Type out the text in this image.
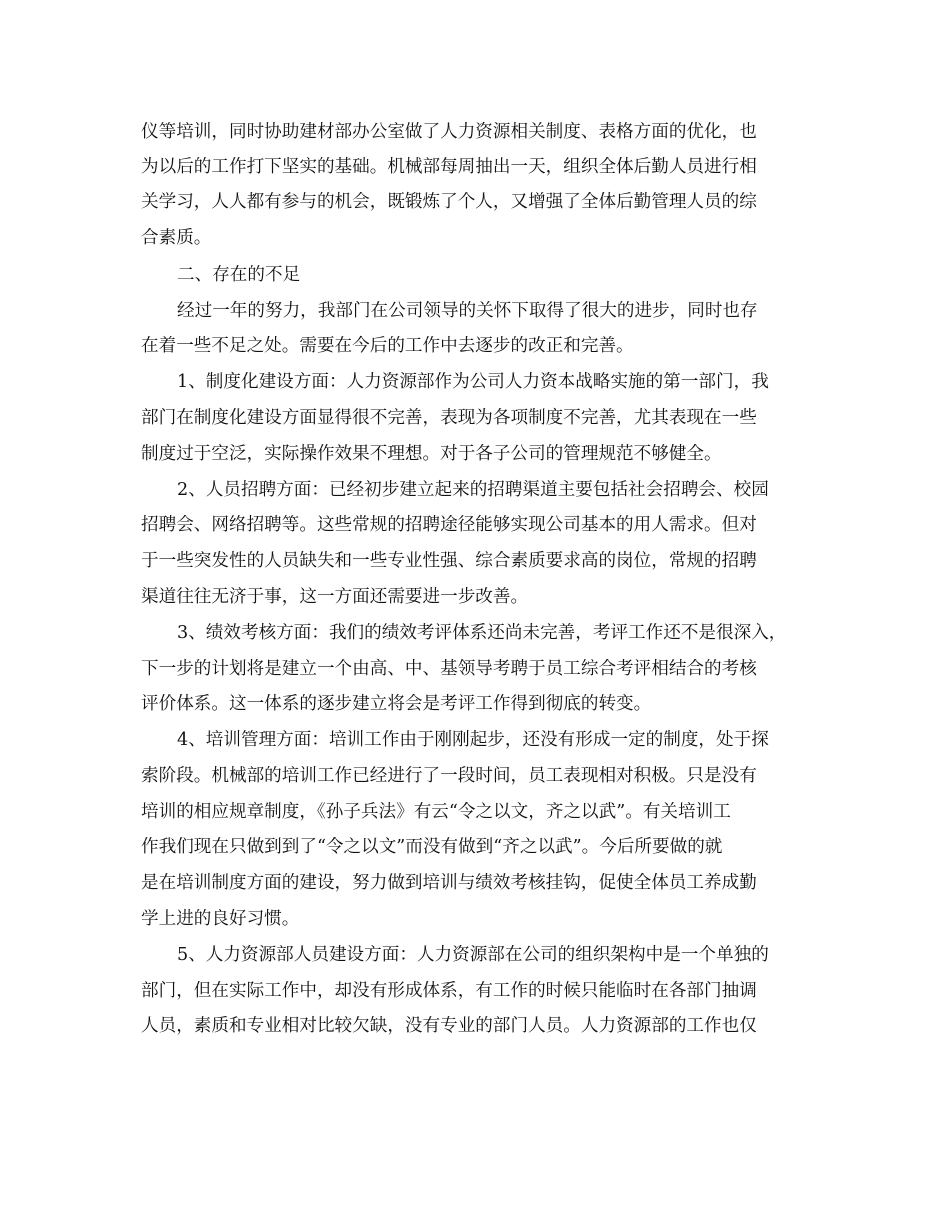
仪等培训，同时协助建材部办公室做了人力资源相关制度、表格方面的优化，也
为以后的工作打下坚实的基础。机械部每周抽出一天，组织全体后勤人员进行相
关学习，人人都有参与的机会，既锻炼了个人，又增强了全体后勤管理人员的综
合素质。
二、存在的不足
经过一年的努力，我部门在公司领导的关怀下取得了很大的进步，同时也存
在着一些不足之处。需要在今后的工作中去逐步的改正和完善。
1、制度化建设方面：人力资源部作为公司人力资本战略实施的第一部门，我
部门在制度化建设方面显得很不完善，表现为各项制度不完善，尤其表现在一些
制度过于空泛，实际操作效果不理想。对于各子公司的管理规范不够健全。
2、人员招聘方面：已经初步建立起来的招聘渠道主要包括社会招聘会、校园
招聘会、网络招聘等。这些常规的招聘途径能够实现公司基本的用人需求。但对
于一些突发性的人员缺失和一些专业性强、综合素质要求高的岗位，常规的招聘
渠道往往无济于事，这一方面还需要进一步改善。
3、绩效考核方面：我们的绩效考评体系还尚未完善，考评工作还不是很深入，
下一步的计划将是建立一个由高、中、基领导考聘于员工综合考评相结合的考核
评价体系。这一体系的逐步建立将会是考评工作得到彻底的转变。
4、培训管理方面：培训工作由于刚刚起步，还没有形成一定的制度，处于探
索阶段。机械部的培训工作已经进行了一段时间，员工表现相对积极。只是没有
培训的相应规章制度，《孙子兵法》有云“令之以文，齐之以武”。有关培训工
作我们现在只做到到了“令之以文”而没有做到“齐之以武”。今后所要做的就
是在培训制度方面的建设，努力做到培训与绩效考核挂钩，促使全体员工养成勤
学上进的良好习惯。
5、人力资源部人员建设方面：人力资源部在公司的组织架构中是一个单独的
部门，但在实际工作中，却没有形成体系，有工作的时候只能临时在各部门抽调
人员，素质和专业相对比较欠缺，没有专业的部门人员。人力资源部的工作也仅
